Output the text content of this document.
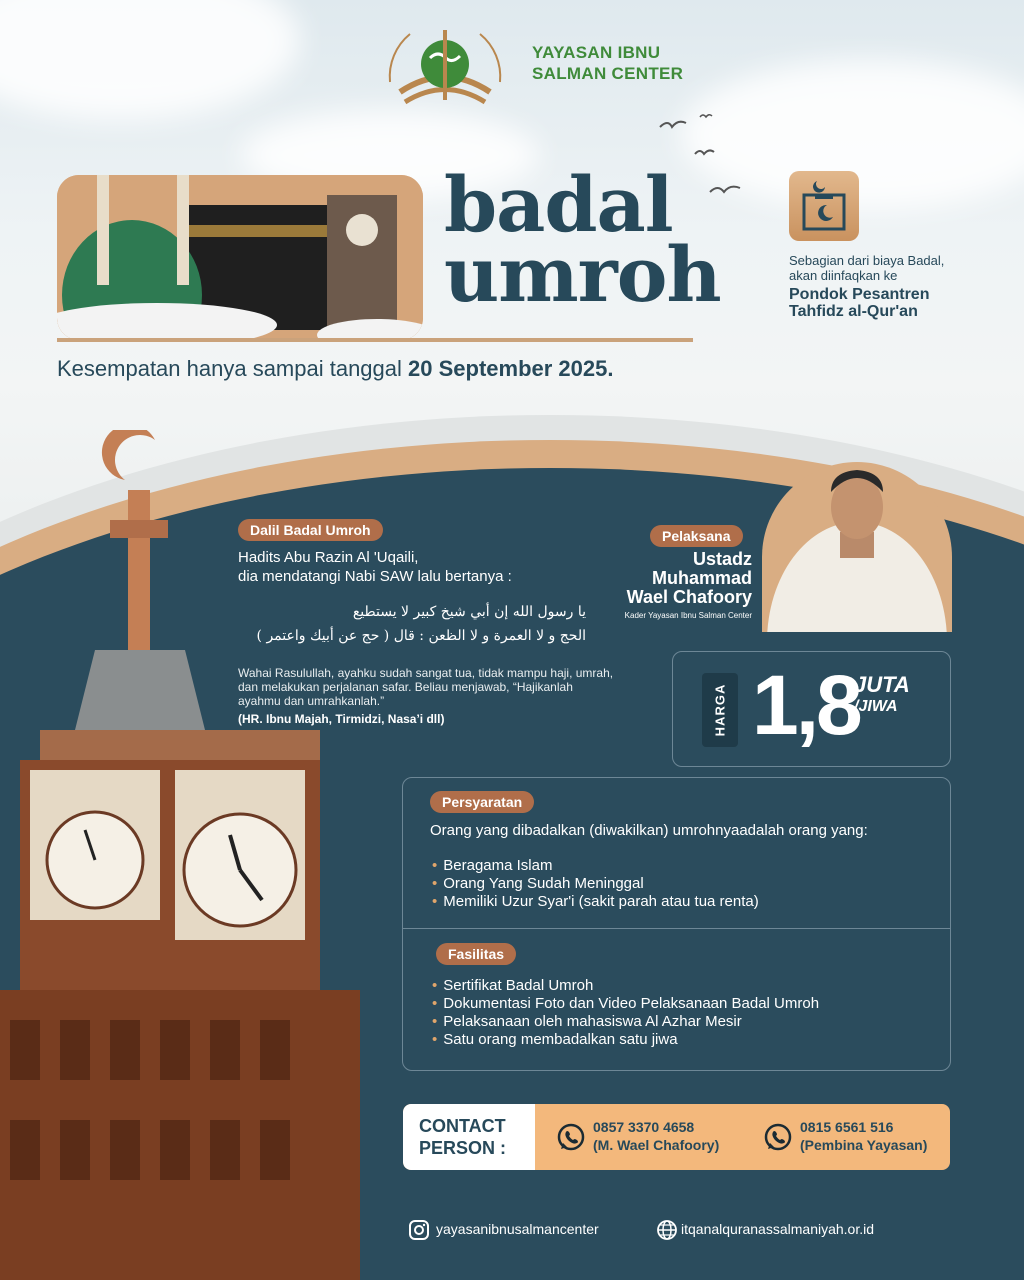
YAYASAN IBNU
SALMAN CENTER
badal
umroh
Kesempatan hanya sampai tanggal 20 September 2025.
Sebagian dari biaya Badal,
akan diinfaqkan ke
Pondok Pesantren
Tahfidz al-Qur'an
Dalil Badal Umroh
Hadits Abu Razin Al 'Uqaili,
dia mendatangi Nabi SAW lalu bertanya :
يا رسول الله إن أبي شيخ كبير لا يستطيع
الحج و لا العمرة و لا الظعن : قال ( حج عن أبيك واعتمر )
Wahai Rasulullah, ayahku sudah sangat tua, tidak mampu haji, umrah, dan melakukan perjalanan safar. Beliau menjawab, “Hajikanlah ayahmu dan umrahkanlah.”
(HR. Ibnu Majah, Tirmidzi, Nasa’i dll)
Pelaksana
Ustadz
Muhammad
Wael Chafoory
Kader Yayasan Ibnu Salman Center
HARGA 1,8
JUTA
/JIWA
Persyaratan
Orang yang dibadalkan (diwakilkan) umrohnyaadalah orang yang:
• Beragama Islam
• Orang Yang Sudah Meninggal
• Memiliki Uzur Syar'i (sakit parah atau tua renta)
Fasilitas
• Sertifikat Badal Umroh
• Dokumentasi Foto dan Video Pelaksanaan Badal Umroh
• Pelaksanaan oleh mahasiswa Al Azhar Mesir
• Satu orang membadalkan satu jiwa
CONTACT
PERSON :
0857 3370 4658
(M. Wael Chafoory)
0815 6561 516
(Pembina Yayasan)
yayasanibnusalmancenter	itqanalquranassalmaniyah.or.id
